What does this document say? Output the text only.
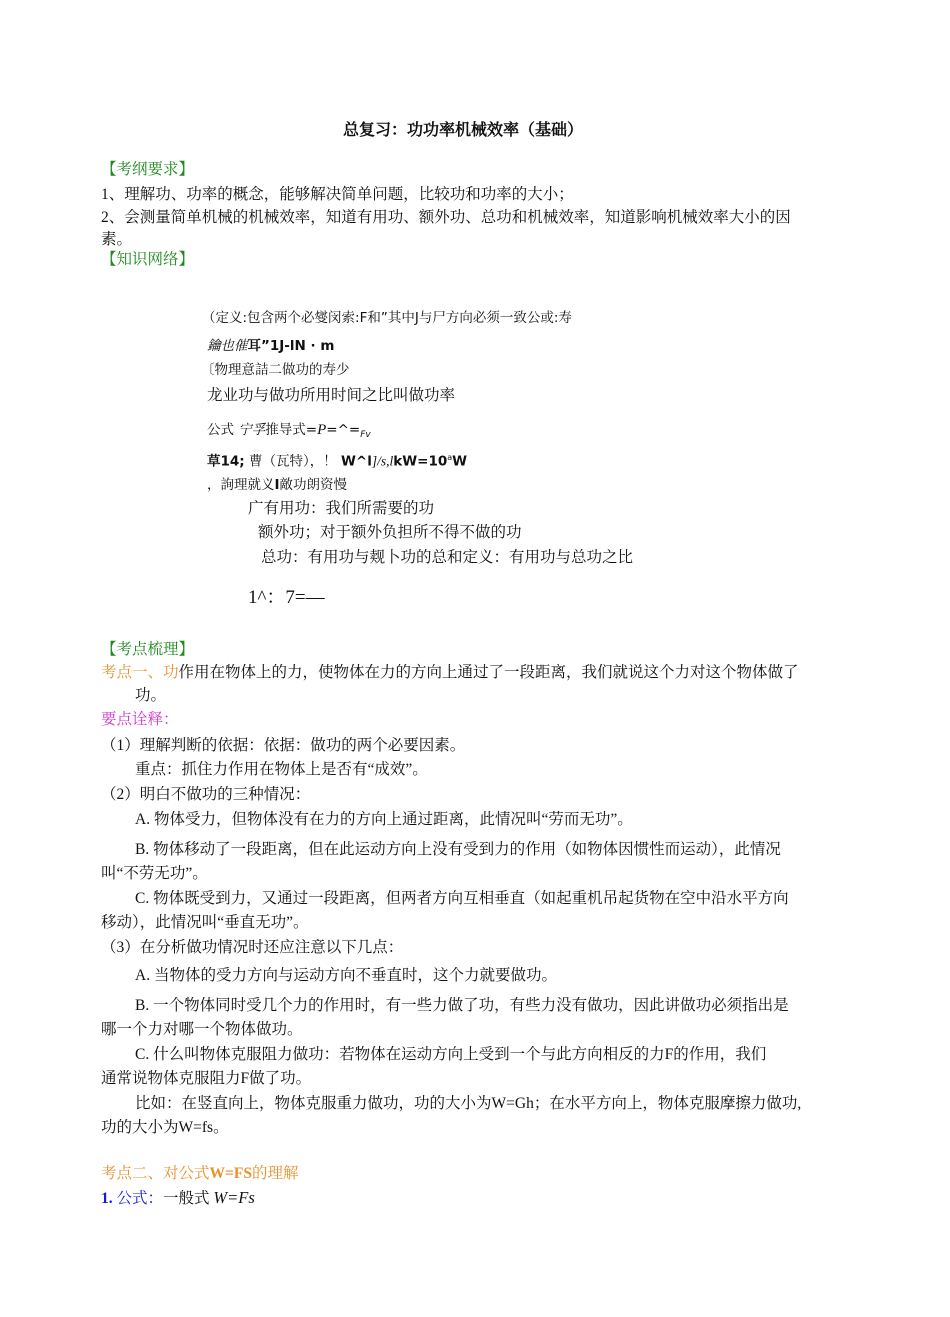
总复习：功功率机械效率（基础）
【考纲要求】
1、理解功、功率的概念，能够解决简单问题，比较功和功率的大小；
2、会测量简单机械的机械效率，知道有用功、额外功、总功和机械效率，知道影响机械效率大小的因
素。
【知识网络】
（定义:包含两个必燮闵索:F和”其中J与尸方向必须一致公或:寿
鑰也催耳”1J-lN · m
〔物理意詰二做功的寿少
龙业功与做功所用时间之比叫做功率
公式 宁孚推导式$=P=\^{}=_{Fv}$
草14; 曹（瓦特），！ $W\^{}l]/s,lkW=10^aW$
，詢理就义I敵功朗资慢
广有用功：我们所需要的功
额外功；对于额外负担所不得不做的功
总功：有用功与觌卜功的总和定义：有用功与总功之比
1^：7=—
【考点梳理】
考点一、功作用在物体上的力，使物体在力的方向上通过了一段距离，我们就说这个力对这个物体做了
功。
要点诠释：
（1）理解判断的依据：依据：做功的两个必要因素。
重点：抓住力作用在物体上是否有“成效”。
（2）明白不做功的三种情况：
A. 物体受力，但物体没有在力的方向上通过距离，此情况叫“劳而无功”。
B. 物体移动了一段距离，但在此运动方向上没有受到力的作用（如物体因惯性而运动），此情况
叫“不劳无功”。
C. 物体既受到力，又通过一段距离，但两者方向互相垂直（如起重机吊起货物在空中沿水平方向
移动），此情况叫“垂直无功”。
（3）在分析做功情况时还应注意以下几点：
A. 当物体的受力方向与运动方向不垂直时，这个力就要做功。
B. 一个物体同时受几个力的作用时，有一些力做了功，有些力没有做功，因此讲做功必须指出是
哪一个力对哪一个物体做功。
C. 什么叫物体克服阻力做功：若物体在运动方向上受到一个与此方向相反的力F的作用，我们
通常说物体克服阻力F做了功。
比如：在竖直向上，物体克服重力做功，功的大小为W=Gh；在水平方向上，物体克服摩擦力做功,
功的大小为W=fs。
考点二、对公式W=FS的理解
1. 公式：一般式 W=Fs
